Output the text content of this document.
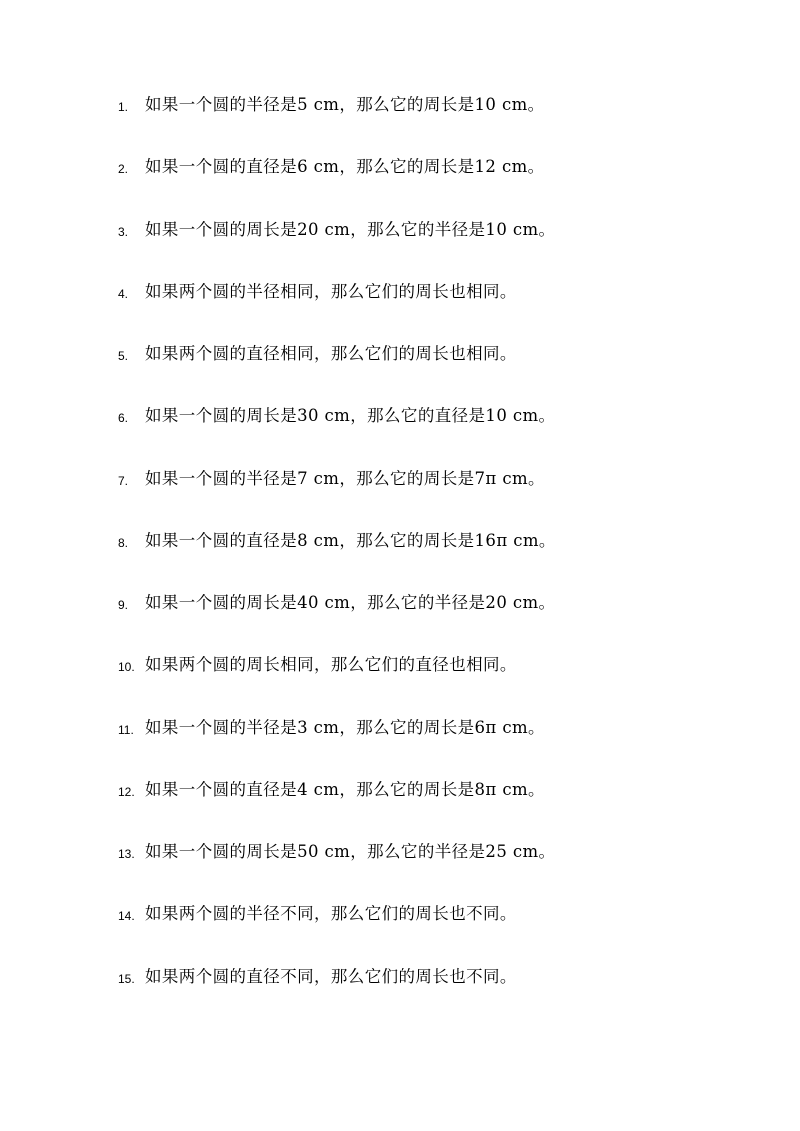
1.	如果一个圆的半径是5 cm，那么它的周长是10 cm。
2.	如果一个圆的直径是6 cm，那么它的周长是12 cm。
3.	如果一个圆的周长是20 cm，那么它的半径是10 cm。
4.	如果两个圆的半径相同，那么它们的周长也相同。
5.	如果两个圆的直径相同，那么它们的周长也相同。
6.	如果一个圆的周长是30 cm，那么它的直径是10 cm。
7.	如果一个圆的半径是7 cm，那么它的周长是7π cm。
8.	如果一个圆的直径是8 cm，那么它的周长是16π cm。
9.	如果一个圆的周长是40 cm，那么它的半径是20 cm。
10. 如果两个圆的周长相同，那么它们的直径也相同。
11. 如果一个圆的半径是3 cm，那么它的周长是6π cm。
12. 如果一个圆的直径是4 cm，那么它的周长是8π cm。
13. 如果一个圆的周长是50 cm，那么它的半径是25 cm。
14. 如果两个圆的半径不同，那么它们的周长也不同。
15. 如果两个圆的直径不同，那么它们的周长也不同。
